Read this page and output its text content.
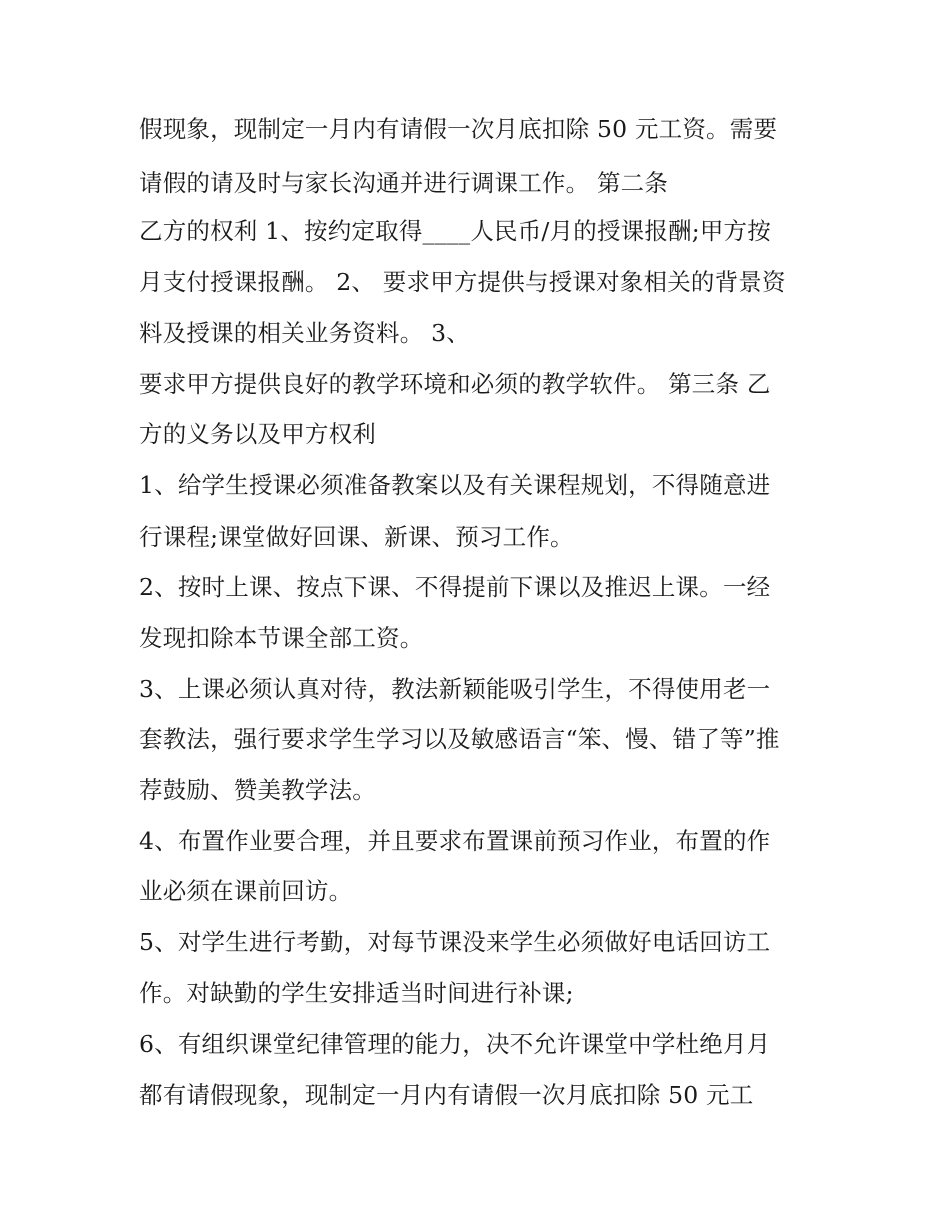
假现象，现制定一月内有请假一次月底扣除 50 元工资。需要
请假的请及时与家长沟通并进行调课工作。 第二条
乙方的权利 1、按约定取得____人民币/月的授课报酬;甲方按
月支付授课报酬。 2、 要求甲方提供与授课对象相关的背景资
料及授课的相关业务资料。 3、
要求甲方提供良好的教学环境和必须的教学软件。 第三条 乙
方的义务以及甲方权利
1、给学生授课必须准备教案以及有关课程规划，不得随意进
行课程;课堂做好回课、新课、预习工作。
2、按时上课、按点下课、不得提前下课以及推迟上课。一经
发现扣除本节课全部工资。
3、上课必须认真对待，教法新颖能吸引学生，不得使用老一
套教法，强行要求学生学习以及敏感语言“笨、慢、错了等”推
荐鼓励、赞美教学法。
4、布置作业要合理，并且要求布置课前预习作业，布置的作
业必须在课前回访。
5、对学生进行考勤，对每节课没来学生必须做好电话回访工
作。对缺勤的学生安排适当时间进行补课;
6、有组织课堂纪律管理的能力，决不允许课堂中学杜绝月月
都有请假现象，现制定一月内有请假一次月底扣除 50 元工
